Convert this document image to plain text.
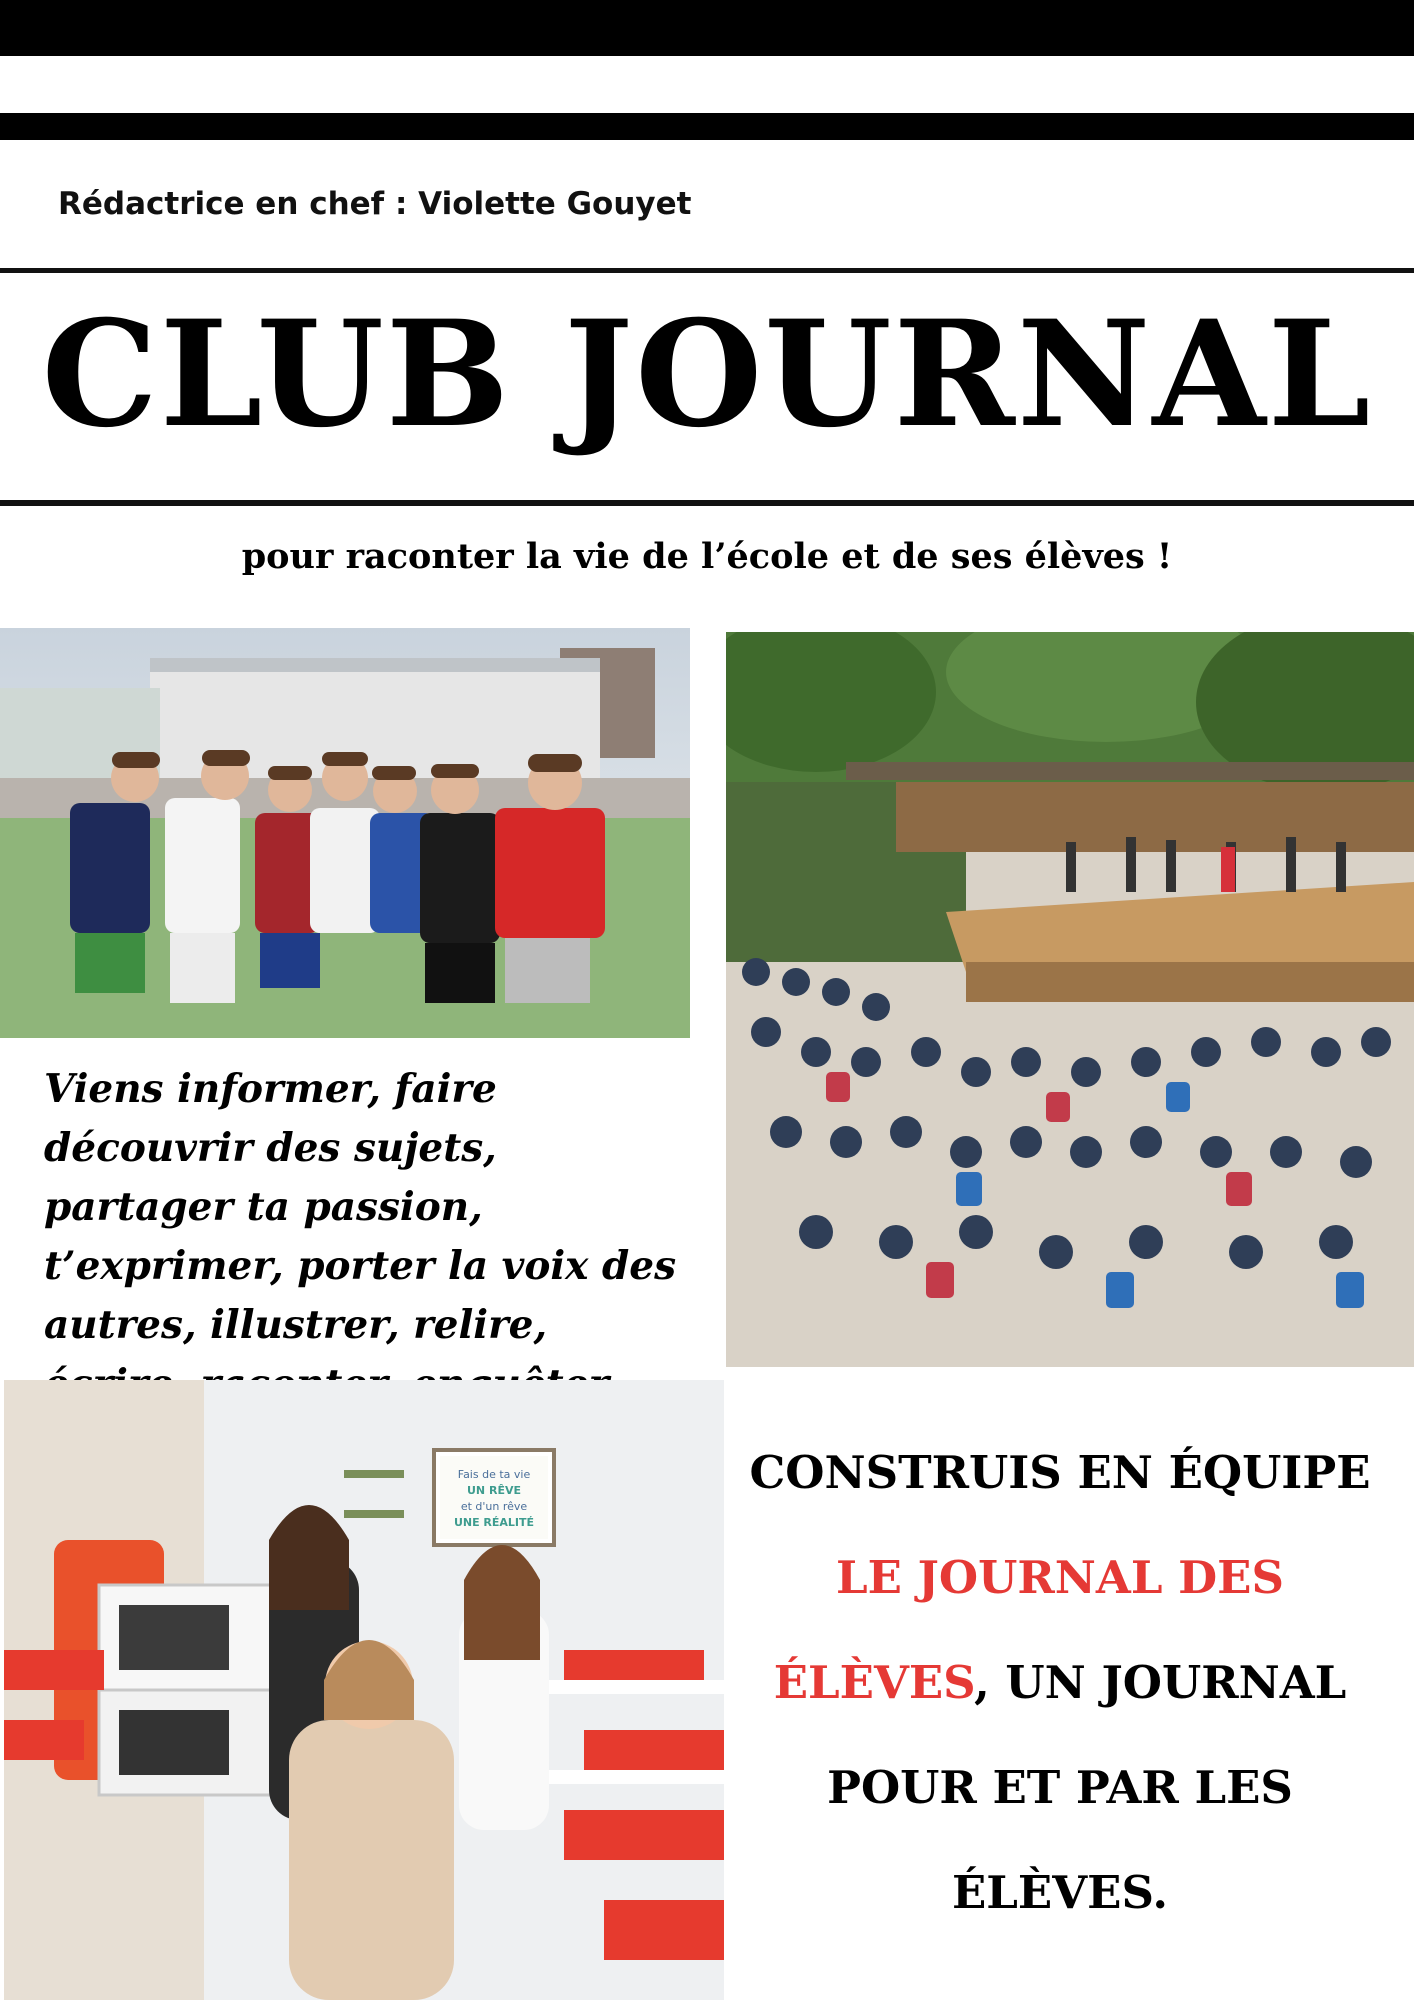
Rédactrice en chef : Violette Gouyet
CLUB JOURNAL
pour raconter la vie de l’école et de ses élèves !
Viens informer, faire découvrir des sujets, partager ta passion, t’exprimer, porter la voix des autres, illustrer, relire,
Fais de ta vie
UN RÊVE
et d'un rêve
UNE RÉALITÉ
CONSTRUIS EN ÉQUIPE LE JOURNAL DES ÉLÈVES, UN JOURNAL POUR ET PAR LES ÉLÈVES.
